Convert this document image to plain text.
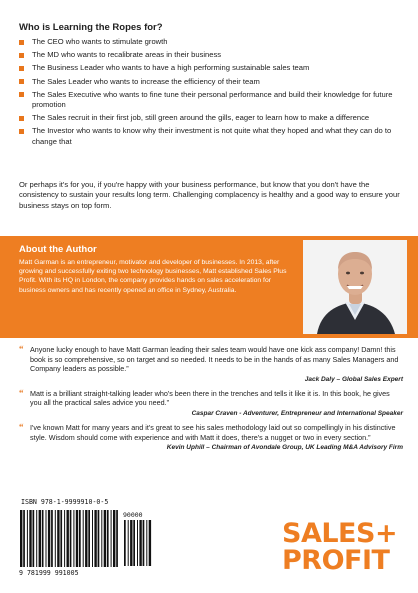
Who is Learning the Ropes for?
The CEO who wants to stimulate growth
The MD who wants to recalibrate areas in their business
The Business Leader who wants to have a high performing sustainable sales team
The Sales Leader who wants to increase the efficiency of their team
The Sales Executive who wants to fine tune their personal performance and build their knowledge for future promotion
The Sales recruit in their first job, still green around the gills, eager to learn how to make a difference
The Investor who wants to know why their investment is not quite what they hoped and what they can do to change that
Or perhaps it's for you, if you're happy with your business performance, but know that you don't have the consistency to sustain your results long term. Challenging complacency is healthy and a good way to ensure your business stays on top form.
About the Author
Matt Garman is an entrepreneur, motivator and developer of businesses. In 2013, after growing and successfully exiting two technology businesses, Matt established Sales Plus Profit. With its HQ in London, the company provides hands on sales acceleration for business owners and has recently opened an office in Sydney, Australia.
“ Anyone lucky enough to have Matt Garman leading their sales team would have one kick ass company! Damn! this book is so comprehensive, so on target and so needed. It needs to be in the hands of as many Sales Managers and Company leaders as possible.”
Jack Daly – Global Sales Expert
“ Matt is a brilliant straight-talking leader who's been there in the trenches and tells it like it is. In this book, he gives you all the practical sales advice you need.”
Caspar Craven - Adventurer, Entrepreneur and International Speaker
“ I've known Matt for many years and it's great to see his sales methodology laid out so compellingly in his distinctive style. Wisdom should come with experience and with Matt it does, there's a nugget or two in every section.”
Kevin Uphill – Chairman of Avondale Group, UK Leading M&A Advisory Firm
ISBN 978-1-9999910-0-5
90000
9 781999 991005
SALES+
PROFIT
